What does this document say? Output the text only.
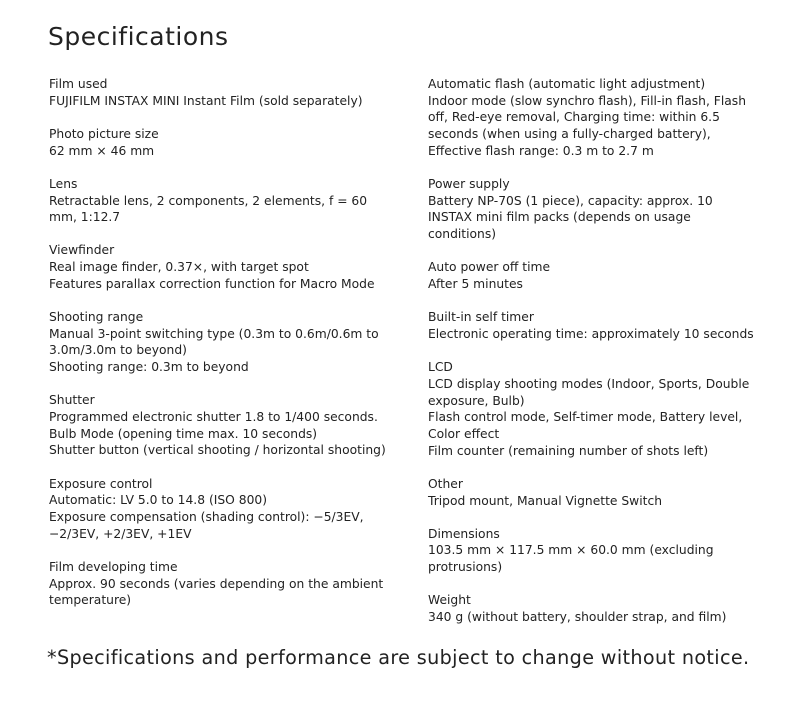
Specifications
Film used
FUJIFILM INSTAX MINI Instant Film (sold separately)
Photo picture size
62 mm × 46 mm
Lens
Retractable lens, 2 components, 2 elements, f = 60 mm, 1:12.7
Viewfinder
Real image finder, 0.37×, with target spot
Features parallax correction function for Macro Mode
Shooting range
Manual 3-point switching type (0.3m to 0.6m/0.6m to 3.0m/3.0m to beyond)
Shooting range: 0.3m to beyond
Shutter
Programmed electronic shutter 1.8 to 1/400 seconds.
Bulb Mode (opening time max. 10 seconds)
Shutter button (vertical shooting / horizontal shooting)
Exposure control
Automatic: LV 5.0 to 14.8 (ISO 800)
Exposure compensation (shading control): −5/3EV, −2/3EV, +2/3EV, +1EV
Film developing time
Approx. 90 seconds (varies depending on the ambient temperature)
Automatic flash (automatic light adjustment)
Indoor mode (slow synchro flash), Fill-in flash, Flash off, Red-eye removal, Charging time: within 6.5 seconds (when using a fully-charged battery), Effective flash range: 0.3 m to 2.7 m
Power supply
Battery NP-70S (1 piece), capacity: approx. 10 INSTAX mini film packs (depends on usage conditions)
Auto power off time
After 5 minutes
Built-in self timer
Electronic operating time: approximately 10 seconds
LCD
LCD display shooting modes (Indoor, Sports, Double exposure, Bulb)
Flash control mode, Self-timer mode, Battery level, Color effect
Film counter (remaining number of shots left)
Other
Tripod mount, Manual Vignette Switch
Dimensions
103.5 mm × 117.5 mm × 60.0 mm (excluding protrusions)
Weight
340 g (without battery, shoulder strap, and film)

*Specifications and performance are subject to change without notice.
